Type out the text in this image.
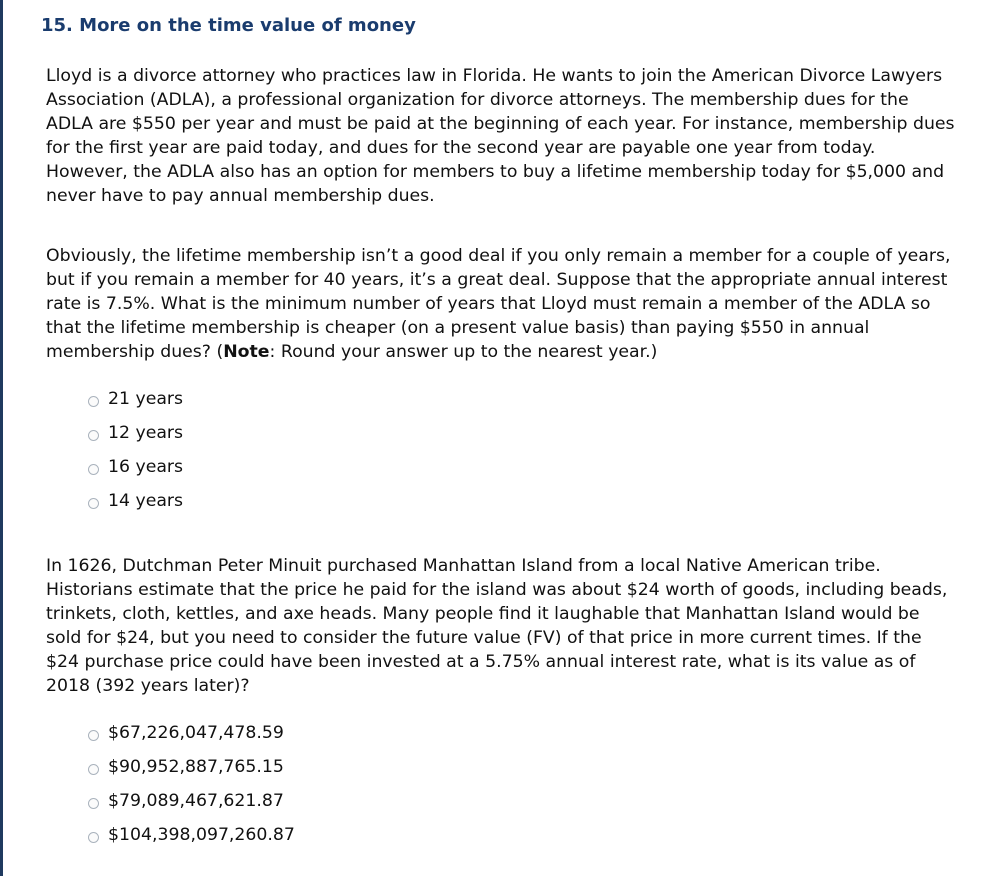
15. More on the time value of money

Lloyd is a divorce attorney who practices law in Florida. He wants to join the American Divorce Lawyers Association (ADLA), a professional organization for divorce attorneys. The membership dues for the ADLA are $550 per year and must be paid at the beginning of each year. For instance, membership dues for the first year are paid today, and dues for the second year are payable one year from today. However, the ADLA also has an option for members to buy a lifetime membership today for $5,000 and never have to pay annual membership dues.

Obviously, the lifetime membership isn’t a good deal if you only remain a member for a couple of years, but if you remain a member for 40 years, it’s a great deal. Suppose that the appropriate annual interest rate is 7.5%. What is the minimum number of years that Lloyd must remain a member of the ADLA so that the lifetime membership is cheaper (on a present value basis) than paying $550 in annual membership dues? (Note: Round your answer up to the nearest year.)

21 years
12 years
16 years
14 years

In 1626, Dutchman Peter Minuit purchased Manhattan Island from a local Native American tribe. Historians estimate that the price he paid for the island was about $24 worth of goods, including beads, trinkets, cloth, kettles, and axe heads. Many people find it laughable that Manhattan Island would be sold for $24, but you need to consider the future value (FV) of that price in more current times. If the $24 purchase price could have been invested at a 5.75% annual interest rate, what is its value as of 2018 (392 years later)?

$67,226,047,478.59
$90,952,887,765.15
$79,089,467,621.87
$104,398,097,260.87
